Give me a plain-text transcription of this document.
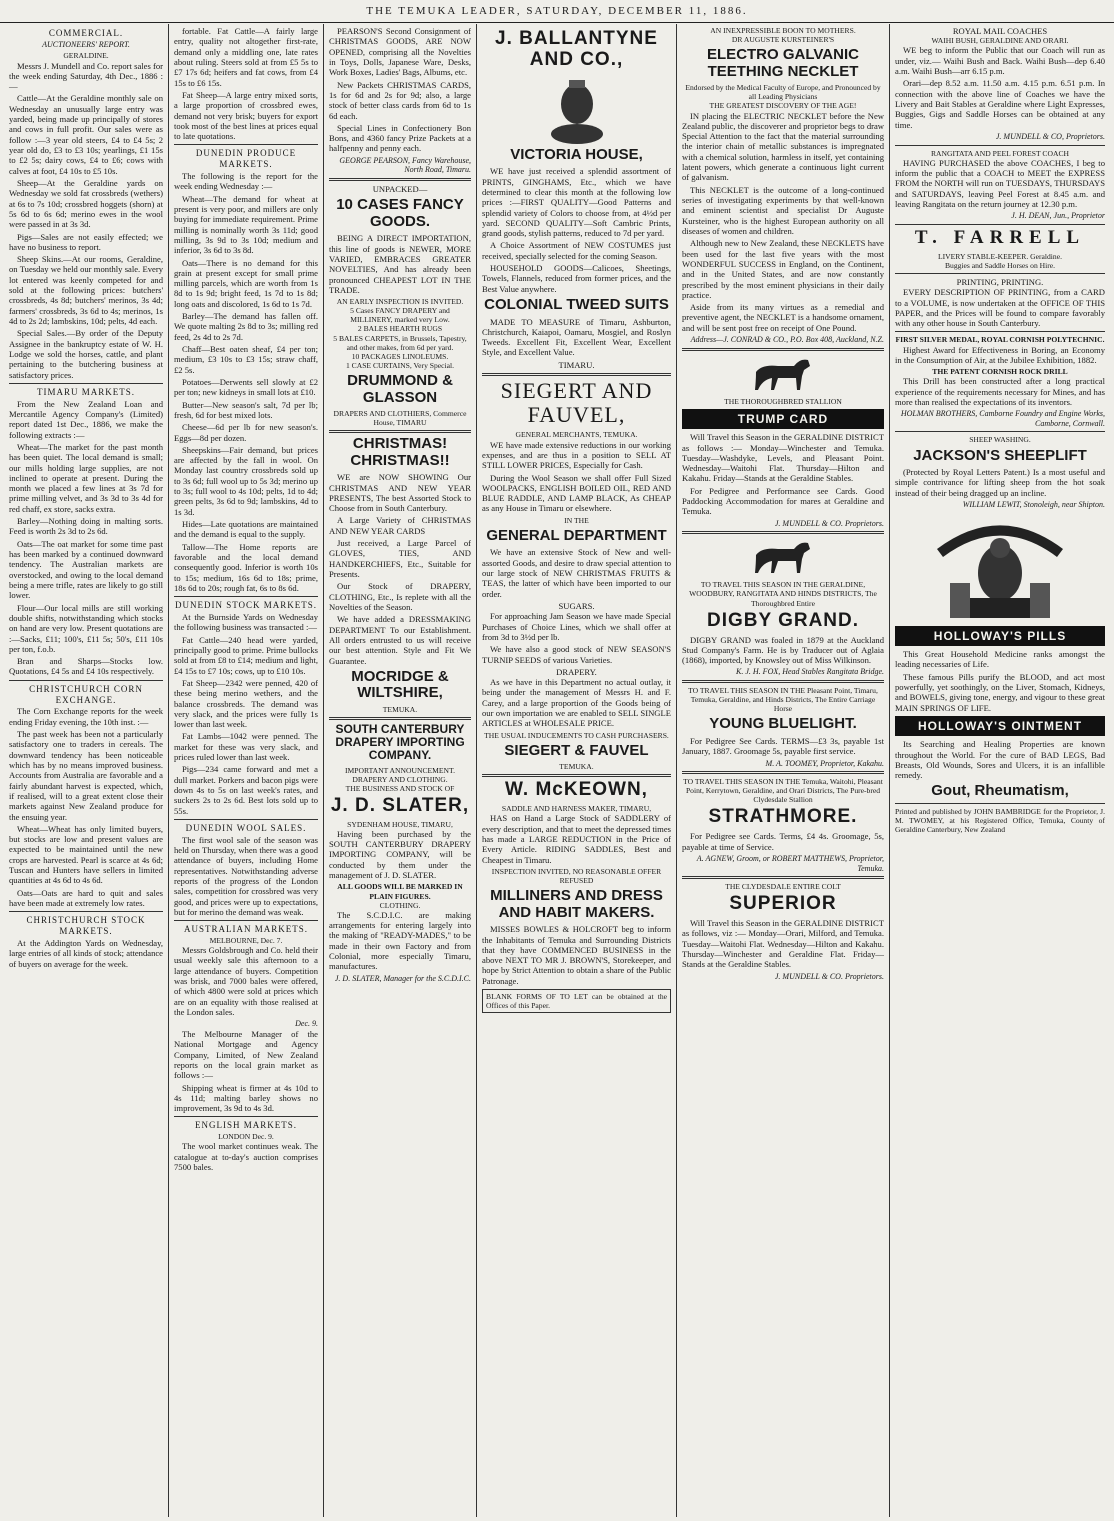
THE TEMUKA LEADER, SATURDAY, DECEMBER 11, 1886.
COMMERCIAL.
AUCTIONEERS' REPORT.
GERALDINE.

Messrs J. Mundell and Co. report sales for the week ending Saturday, 4th Dec., 1886 :—

Cattle—At the Geraldine monthly sale on Wednesday an unusually large entry was yarded, being made up principally of stores and cows in full profit. Our sales were as follow :—3 year old steers, £4 to £4 5s; 2 year old do, £3 to £3 10s; yearlings, £1 15s to £2 5s; dairy cows, £4 to £6; cows with calves at foot, £4 10s to £5 10s.

Sheep—At the Geraldine yards on Wednesday we sold fat crossbreds (wethers) at 6s to 7s 10d; crossbred hoggets (shorn) at 5s 6d to 6s 6d; merino ewes in the wool were passed in at 3s 3d.

Pigs—Sales are not easily effected; we have no business to report.

Sheep Skins.—At our rooms, Geraldine, on Tuesday we held our monthly sale. Every lot entered was keenly competed for and sold at the following prices: butchers' crossbreds, 4s 8d; butchers' merinos, 3s 4d; farmers' crossbreds, 3s 6d to 4s; merinos, 1s 4d to 2s 2d; lambskins, 10d; pelts, 4d each.

Special Sales.—By order of the Deputy Assignee in the bankruptcy estate of W. H. Lodge we sold the horses, cattle, and plant pertaining to the butchering business at satisfactory prices.

TIMARU MARKETS.

From the New Zealand Loan and Mercantile Agency Company's (Limited) report dated 1st Dec., 1886, we make the following extracts :—

Wheat—The market for the past month has been quiet. The local demand is small; our mills holding large supplies, are not inclined to operate at present. During the month we placed a few lines at 3s 7d for prime milling velvet, and 3s 3d to 3s 4d for red chaff, ex store, sacks extra.

Barley—Nothing doing in malting sorts. Feed is worth 2s 3d to 2s 6d.

Oats—The oat market for some time past has been marked by a continued downward tendency. The Australian markets are overstocked, and owing to the local demand being a mere trifle, rates are likely to go still lower.

Flour—Our local mills are still working double shifts, notwithstanding which stocks on hand are very low. Present quotations are :—Sacks, £11; 100's, £11 5s; 50's, £11 10s per ton, f.o.b.

Bran and Sharps—Stocks low. Quotations, £4 5s and £4 10s respectively.

CHRISTCHURCH CORN EXCHANGE.

The Corn Exchange reports for the week ending Friday evening, the 10th inst. :—

The past week has been not a particularly satisfactory one to traders in cereals. The downward tendency has been noticeable which has by no means improved business. Accounts from Australia are favorable and a fairly abundant harvest is expected, which, if realised, will to a great extent close their markets against New Zealand produce for the ensuing year.

Wheat—Wheat has only limited buyers, but stocks are low and present values are expected to be maintained until the new crops are harvested. Pearl is scarce at 4s 6d; Tuscan and Hunters have sellers in limited quantities at 4s 6d to 4s 6d.

Oats—Oats are hard to quit and sales have been made at extremely low rates.

CHRISTCHURCH STOCK MARKETS.

At the Addington Yards on Wednesday, large entries of all kinds of stock; attendance of buyers on average for the week.

fortable. Fat Cattle—A fairly large entry, quality not altogether first-rate, demand only a middling one, late rates about ruling. Steers sold at from £5 5s to £7 17s 6d; heifers and fat cows, from £4 15s to £6 15s.

Fat Sheep—A large entry mixed sorts, a large proportion of crossbred ewes, demand not very brisk; buyers for export took most of the best lines at prices equal to late quotations.

DUNEDIN PRODUCE MARKETS.

The following is the report for the week ending Wednesday :—

Wheat—The demand for wheat at present is very poor, and millers are only buying for immediate requirement. Prime milling is nominally worth 3s 11d; good milling, 3s 9d to 3s 10d; medium and inferior, 3s 6d to 3s 8d.

Oats—There is no demand for this grain at present except for small prime milling parcels, which are worth from 1s 8d to 1s 9d; bright feed, 1s 7d to 1s 8d; long oats and discolored, 1s 6d to 1s 7d.

Barley—The demand has fallen off. We quote malting 2s 8d to 3s; milling red feed, 2s 4d to 2s 7d.

Chaff—Best oaten sheaf, £4 per ton; medium, £3 10s to £3 15s; straw chaff, £2 5s.

Potatoes—Derwents sell slowly at £2 per ton; new kidneys in small lots at £10.

Butter—New season's salt, 7d per lb; fresh, 6d for best mixed lots.

Cheese—6d per lb for new season's. Eggs—8d per dozen.

Sheepskins—Fair demand, but prices are affected by the fall in wool. On Monday last country crossbreds sold up to 3s 6d; full wool up to 5s 3d; merino up to 3s; full wool to 4s 10d; pelts, 1d to 4d; green pelts, 3s 6d to 9d; lambskins, 4d to 1s 3d.

Hides—Late quotations are maintained and the demand is equal to the supply.

Tallow—The Home reports are favorable and the local demand consequently good. Inferior is worth 10s to 15s; medium, 16s 6d to 18s; prime, 18s 6d to 20s; rough fat, 6s to 8s 6d.

DUNEDIN STOCK MARKETS.

At the Burnside Yards on Wednesday the following business was transacted :—

Fat Cattle—240 head were yarded, principally good to prime. Prime bullocks sold at from £8 to £14; medium and light, £4 15s to £7 10s; cows, up to £10 10s.

Fat Sheep—2342 were penned, 420 of these being merino wethers, and the balance crossbreds. The demand was very slack, and the prices were fully 1s lower than last week.

Fat Lambs—1042 were penned. The market for these was very slack, and prices ruled lower than last week.

Pigs—234 came forward and met a dull market. Porkers and bacon pigs were down 4s to 5s on last week's rates, and suckers 2s to 2s 6d. Best lots sold up to 55s.

DUNEDIN WOOL SALES.

The first wool sale of the season was held on Thursday, when there was a good attendance of buyers, including Home representatives. Notwithstanding adverse reports of the progress of the London sales, competition for crossbred was very good, and prices were up to expectations, but for merino the demand was weak.

AUSTRALIAN MARKETS.
MELBOURNE, Dec. 7.

Messrs Goldsbrough and Co. held their usual weekly sale this afternoon to a large attendance of buyers. Competition was brisk, and 7000 bales were offered, of which 4800 were sold at prices which are on an equality with those realised at the London sales.

Dec. 9.

The Melbourne Manager of the National Mortgage and Agency Company, Limited, of New Zealand reports on the local grain market as follows :—

Shipping wheat is firmer at 4s 10d to 4s 11d; malting barley shows no improvement, 3s 9d to 4s 3d.

ENGLISH MARKETS.
LONDON Dec. 9.

The wool market continues weak. The catalogue at to-day's auction comprises 7500 bales.

PEARSON'S Second Consignment of CHRISTMAS GOODS, ARE NOW OPENED, comprising all the Novelties in Toys, Dolls, Japanese Ware, Desks, Work Boxes, Ladies' Bags, Albums, etc.

New Packets CHRISTMAS CARDS, 1s for 6d and 2s for 9d; also, a large stock of better class cards from 6d to 1s 6d each.

Special Lines in Confectionery Bon Bons, and 4360 fancy Prize Packets at a halfpenny and penny each.

GEORGE PEARSON, Fancy Warehouse, North Road, Timaru.
UNPACKED—
10 CASES FANCY GOODS.

BEING A DIRECT IMPORTATION, this line of goods is NEWER, MORE VARIED, EMBRACES GREATER NOVELTIES, And has already been pronounced CHEAPEST LOT IN THE TRADE.

AN EARLY INSPECTION IS INVITED.
5 Cases FANCY DRAPERY and MILLINERY, marked very Low.
2 BALES HEARTH RUGS
5 BALES CARPETS, in Brussels, Tapestry, and other makes, from 6d per yard.
10 PACKAGES LINOLEUMS.
1 CASE CURTAINS, Very Special.
DRUMMOND & GLASSON
DRAPERS AND CLOTHIERS, Commerce House, TIMARU
CHRISTMAS! CHRISTMAS!!

WE are NOW SHOWING Our CHRISTMAS AND NEW YEAR PRESENTS, The best Assorted Stock to Choose from in South Canterbury.

A Large Variety of CHRISTMAS AND NEW YEAR CARDS

Just received, a Large Parcel of GLOVES, TIES, AND HANDKERCHIEFS, Etc., Suitable for Presents.

Our Stock of DRAPERY, CLOTHING, Etc., Is replete with all the Novelties of the Season.

We have added a DRESSMAKING DEPARTMENT To our Establishment. All orders entrusted to us will receive our best attention. Style and Fit We Guarantee.

MOCRIDGE & WILTSHIRE,
TEMUKA.
SOUTH CANTERBURY DRAPERY IMPORTING COMPANY.
IMPORTANT ANNOUNCEMENT. DRAPERY AND CLOTHING.
THE BUSINESS AND STOCK OF
J. D. SLATER,
SYDENHAM HOUSE, TIMARU,

Having been purchased by the SOUTH CANTERBURY DRAPERY IMPORTING COMPANY, will be conducted by them under the management of J. D. SLATER.

ALL GOODS WILL BE MARKED IN PLAIN FIGURES.
CLOTHING.

The S.C.D.I.C. are making arrangements for entering largely into the making of "READY-MADES," to be made in their own Factory and from Colonial, more especially Timaru, manufactures.

J. D. SLATER, Manager for the S.C.D.I.C.
J. BALLANTYNE AND CO.,
VICTORIA HOUSE,

WE have just received a splendid assortment of PRINTS, GINGHAMS, Etc., which we have determined to clear this month at the following low prices :—FIRST QUALITY—Good Patterns and splendid variety of Colors to choose from, at 4½d per yard. SECOND QUALITY—Soft Cambric Prints, grand goods, stylish patterns, reduced to 7d per yard.

A Choice Assortment of NEW COSTUMES just received, specially selected for the coming Season.

HOUSEHOLD GOODS—Calicoes, Sheetings, Towels, Flannels, reduced from former prices, and the Best Value anywhere.

COLONIAL TWEED SUITS

MADE TO MEASURE of Timaru, Ashburton, Christchurch, Kaiapoi, Oamaru, Mosgiel, and Roslyn Tweeds. Excellent Fit, Excellent Wear, Excellent Style, and Excellent Value.

TIMARU.
SIEGERT AND FAUVEL,
GENERAL MERCHANTS, TEMUKA.

WE have made extensive reductions in our working expenses, and are thus in a position to SELL AT STILL LOWER PRICES, Especially for Cash.

During the Wool Season we shall offer Full Sized WOOLPACKS, ENGLISH BOILED OIL, RED AND BLUE RADDLE, AND LAMP BLACK, As CHEAP as any House in Timaru or elsewhere.

IN THE
GENERAL DEPARTMENT

We have an extensive Stock of New and well-assorted Goods, and desire to draw special attention to our large stock of NEW CHRISTMAS FRUITS & TEAS, the latter of which have been imported to our order.

SUGARS.

For approaching Jam Season we have made Special Purchases of Choice Lines, which we shall offer at from 3d to 3½d per lb.

We have also a good stock of NEW SEASON'S TURNIP SEEDS of various Varieties.

DRAPERY.

As we have in this Department no actual outlay, it being under the management of Messrs H. and F. Carey, and a large proportion of the Goods being of our own importation we are enabled to SELL SINGLE ARTICLES at WHOLESALE PRICE.

THE USUAL INDUCEMENTS TO CASH PURCHASERS.
SIEGERT & FAUVEL
TEMUKA.
W. McKEOWN,
SADDLE AND HARNESS MAKER, TIMARU,

HAS on Hand a Large Stock of SADDLERY of every description, and that to meet the depressed times has made a LARGE REDUCTION in the Price of Every Article. RIDING SADDLES, Best and Cheapest in Timaru.

INSPECTION INVITED, NO REASONABLE OFFER REFUSED
MILLINERS AND DRESS AND HABIT MAKERS.

MISSES BOWLES & HOLCROFT beg to inform the Inhabitants of Temuka and Surrounding Districts that they have COMMENCED BUSINESS in the above NEXT TO MR J. BROWN'S, Storekeeper, and hope by Strict Attention to obtain a share of the Public Patronage.

BLANK FORMS OF TO LET can be obtained at the Offices of this Paper.
AN INEXPRESSIBLE BOON TO MOTHERS.
DR AUGUSTE KURSTEINER'S
ELECTRO GALVANIC TEETHING NECKLET
Endorsed by the Medical Faculty of Europe, and Pronounced by all Leading Physicians
THE GREATEST DISCOVERY OF THE AGE!

IN placing the ELECTRIC NECKLET before the New Zealand public, the discoverer and proprietor begs to draw Special Attention to the fact that the material surrounding the interior chain of metallic substances is impregnated with a chemical solution, harmless in itself, yet containing latent powers, which generate a continuous light current of galvanism.

This NECKLET is the outcome of a long-continued series of investigating experiments by that well-known and eminent scientist and specialist Dr Auguste Kursteiner, who is the highest European authority on all diseases of women and children.

Although new to New Zealand, these NECKLETS have been used for the last five years with the most WONDERFUL SUCCESS in England, on the Continent, and in the United States, and are now constantly prescribed by the most eminent physicians in their daily practice.

Aside from its many virtues as a remedial and preventive agent, the NECKLET is a handsome ornament, and will be sent post free on receipt of One Pound.

Address—J. CONRAD & CO., P.O. Box 408, Auckland, N.Z.
THE THOROUGHBRED STALLION
TRUMP CARD

Will Travel this Season in the GERALDINE DISTRICT as follows :— Monday—Winchester and Temuka. Tuesday—Washdyke, Levels, and Pleasant Point. Wednesday—Waitohi Flat. Thursday—Hilton and Kakahu. Friday—Stands at the Geraldine Stables.

For Pedigree and Performance see Cards. Good Paddocking Accommodation for mares at Geraldine and Temuka.

J. MUNDELL & CO. Proprietors.
TO TRAVEL THIS SEASON IN THE GERALDINE, WOODBURY, RANGITATA AND HINDS DISTRICTS, The Thoroughbred Entire
DIGBY GRAND.

DIGBY GRAND was foaled in 1879 at the Auckland Stud Company's Farm. He is by Traducer out of Aglaia (1868), imported, by Knowsley out of Miss Wilkinson.

K. J. H. FOX, Head Stables Rangitata Bridge.
TO TRAVEL THIS SEASON IN THE Pleasant Point, Timaru, Temuka, Geraldine, and Hinds Districts, The Entire Carriage Horse
YOUNG BLUELIGHT.

For Pedigree See Cards. TERMS—£3 3s, payable 1st January, 1887. Groomage 5s, payable first service.

M. A. TOOMEY, Proprietor, Kakahu.
TO TRAVEL THIS SEASON IN THE Temuka, Waitohi, Pleasant Point, Kerrytown, Geraldine, and Orari Districts, The Pure-bred Clydesdale Stallion
STRATHMORE.

For Pedigree see Cards. Terms, £4 4s. Groomage, 5s, payable at time of Service.

A. AGNEW, Groom, or ROBERT MATTHEWS, Proprietor, Temuka.
THE CLYDESDALE ENTIRE COLT
SUPERIOR

Will Travel this Season in the GERALDINE DISTRICT as follows, viz :— Monday—Orari, Milford, and Temuka. Tuesday—Waitohi Flat. Wednesday—Hilton and Kakahu. Thursday—Winchester and Geraldine Flat. Friday—Stands at the Geraldine Stables.

J. MUNDELL & CO. Proprietors.
ROYAL MAIL COACHES
WAIHI BUSH, GERALDINE AND ORARI.

WE beg to inform the Public that our Coach will run as under, viz.— Waihi Bush and Back. Waihi Bush—dep 6.40 a.m. Waihi Bush—arr 6.15 p.m.

Orari—dep 8.52 a.m. 11.50 a.m. 4.15 p.m. 6.51 p.m. In connection with the above line of Coaches we have the Livery and Bait Stables at Geraldine where Light Expresses, Buggies, Gigs and Saddle Horses can be obtained at any time.

J. MUNDELL & CO, Proprietors.
RANGITATA AND PEEL FOREST COACH

HAVING PURCHASED the above COACHES, I beg to inform the public that a COACH to MEET the EXPRESS FROM the NORTH will run on TUESDAYS, THURSDAYS and SATURDAYS, leaving Peel Forest at 8.45 a.m. and leaving Rangitata on the return journey at 12.30 p.m.

J. H. DEAN, Jun., Proprietor
T. FARRELL
LIVERY STABLE-KEEPER. Geraldine.
Buggies and Saddle Horses on Hire.
PRINTING, PRINTING.

EVERY DESCRIPTION OF PRINTING, from a CARD to a VOLUME, is now undertaken at the OFFICE OF THIS PAPER, and the Prices will be found to compare favorably with any other house in South Canterbury.

FIRST SILVER MEDAL, ROYAL CORNISH POLYTECHNIC.

Highest Award for Effectiveness in Boring, an Economy in the Consumption of Air, at the Jubilee Exhibition, 1882.

THE PATENT CORNISH ROCK DRILL

This Drill has been constructed after a long practical experience of the requirements necessary for Mines, and has more than realised the expectations of its inventors.

HOLMAN BROTHERS, Camborne Foundry and Engine Works, Camborne, Cornwall.
SHEEP WASHING.
JACKSON'S SHEEPLIFT

(Protected by Royal Letters Patent.) Is a most useful and simple contrivance for lifting sheep from the hot soak instead of their being dragged up an incline.

WILLIAM LEWIT, Stonoleigh, near Shipton.
HOLLOWAY'S PILLS

This Great Household Medicine ranks amongst the leading necessaries of Life.

These famous Pills purify the BLOOD, and act most powerfully, yet soothingly, on the Liver, Stomach, Kidneys, and BOWELS, giving tone, energy, and vigour to these great MAIN SPRINGS OF LIFE.

HOLLOWAY'S OINTMENT

Its Searching and Healing Properties are known throughout the World. For the cure of BAD LEGS, Bad Breasts, Old Wounds, Sores and Ulcers, it is an infallible remedy.

Gout, Rheumatism,
Printed and published by JOHN BAMBRIDGE for the Proprietor, J. M. TWOMEY, at his Registered Office, Temuka, County of Geraldine Canterbury, New Zealand
